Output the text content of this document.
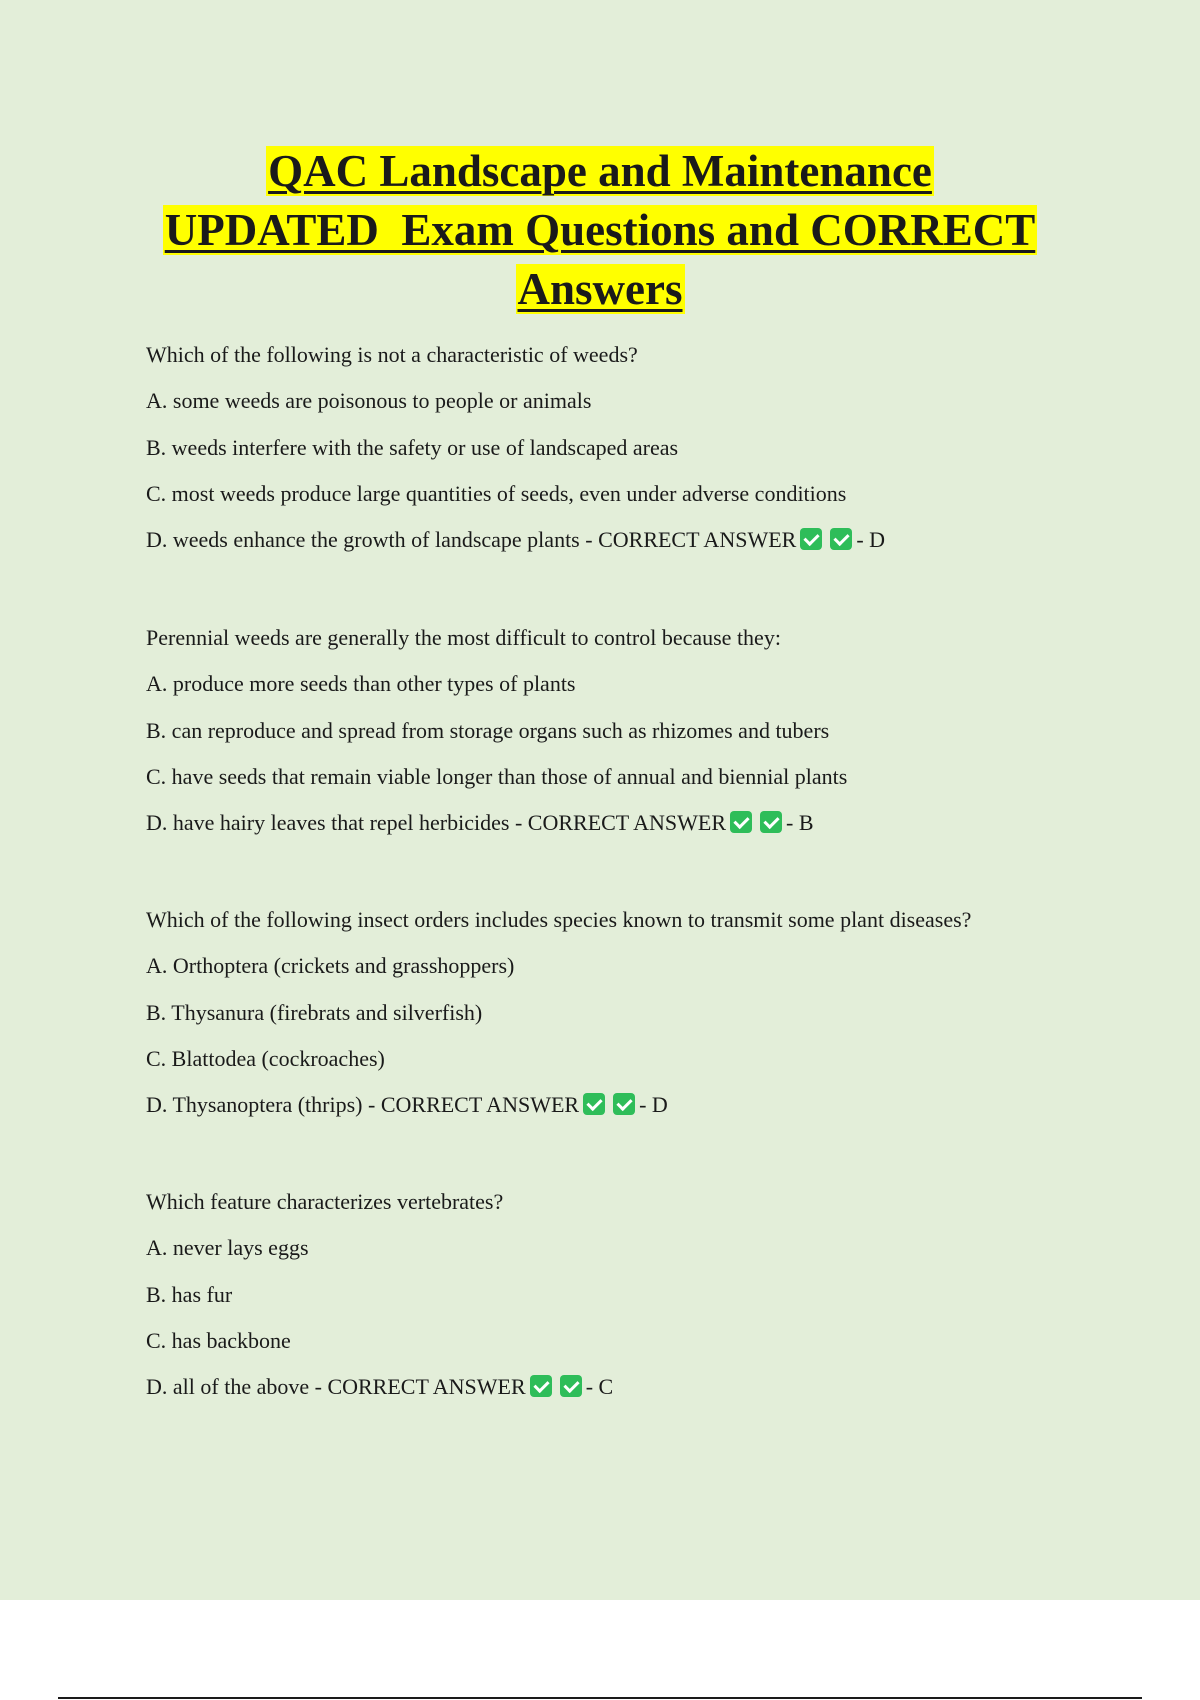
QAC Landscape and Maintenance
UPDATED  Exam Questions and CORRECT
Answers
Which of the following is not a characteristic of weeds?
A. some weeds are poisonous to people or animals
B. weeds interfere with the safety or use of landscaped areas
C. most weeds produce large quantities of seeds, even under adverse conditions
D. weeds enhance the growth of landscape plants - CORRECT ANSWER	- D
Perennial weeds are generally the most difficult to control because they:
A. produce more seeds than other types of plants
B. can reproduce and spread from storage organs such as rhizomes and tubers
C. have seeds that remain viable longer than those of annual and biennial plants
D. have hairy leaves that repel herbicides - CORRECT ANSWER	- B
Which of the following insect orders includes species known to transmit some plant diseases?
A. Orthoptera (crickets and grasshoppers)
B. Thysanura (firebrats and silverfish)
C. Blattodea (cockroaches)
D. Thysanoptera (thrips) - CORRECT ANSWER	- D
Which feature characterizes vertebrates?
A. never lays eggs
B. has fur
C. has backbone
D. all of the above - CORRECT ANSWER	- C
